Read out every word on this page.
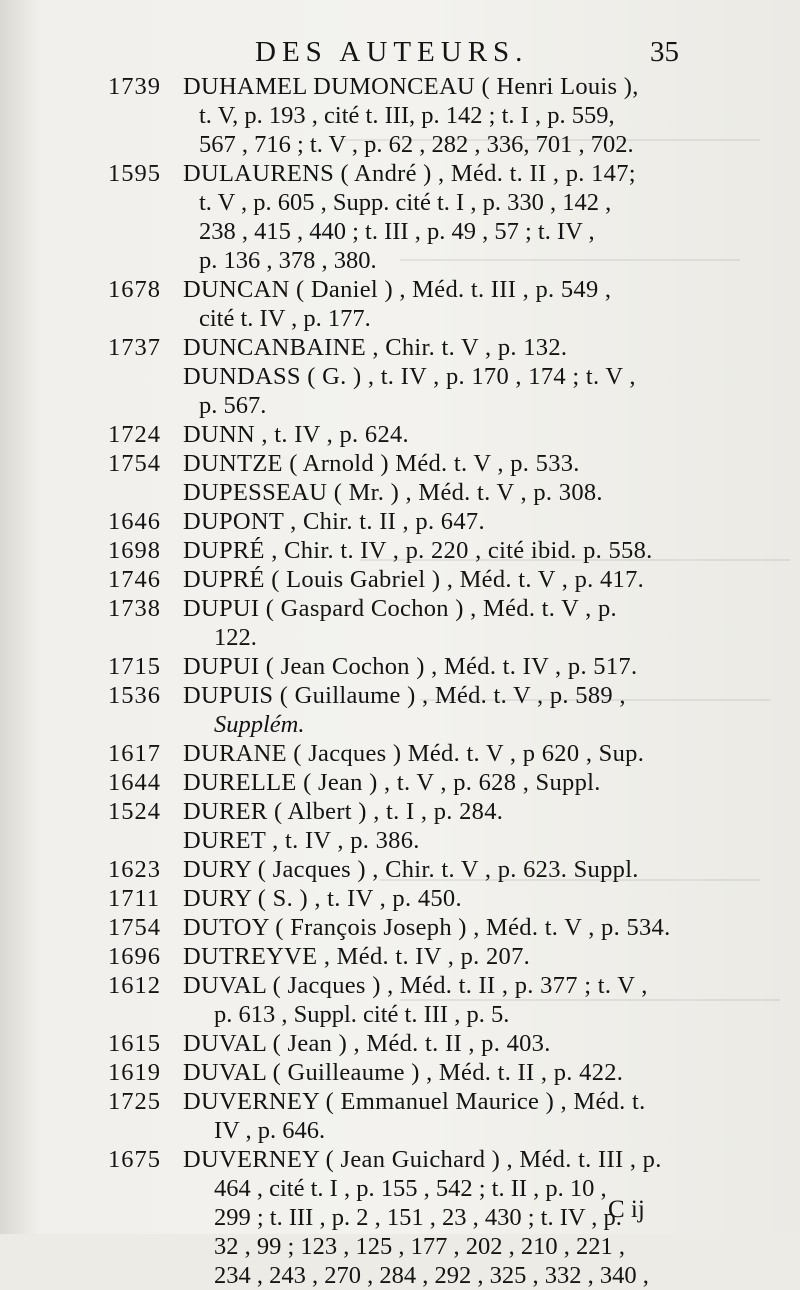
DES AUTEURS.	35
1739 DUHAMEL DUMONCEAU ( Henri Louis ),
t. V, p. 193 , cité t. III, p. 142 ; t. I , p. 559,
567 , 716 ; t. V , p. 62 , 282 , 336, 701 , 702.
1595 DULAURENS ( André ) , Méd. t. II , p. 147;
t. V , p. 605 , Supp. cité t. I , p. 330 , 142 ,
238 , 415 , 440 ; t. III , p. 49 , 57 ; t. IV ,
p. 136 , 378 , 380.
1678 DUNCAN ( Daniel ) , Méd. t. III , p. 549 ,
cité t. IV , p. 177.
1737 DUNCANBAINE , Chir. t. V , p. 132.
DUNDASS ( G. ) , t. IV , p. 170 , 174 ; t. V ,
p. 567.
1724 DUNN , t. IV , p. 624.
1754 DUNTZE ( Arnold ) Méd. t. V , p. 533.
DUPESSEAU ( Mr. ) , Méd. t. V , p. 308.
1646 DUPONT , Chir. t. II , p. 647.
1698 DUPRÉ , Chir. t. IV , p. 220 , cité ibid. p. 558.
1746 DUPRÉ ( Louis Gabriel ) , Méd. t. V , p. 417.
1738 DUPUI ( Gaspard Cochon ) , Méd. t. V , p.
122.
1715 DUPUI ( Jean Cochon ) , Méd. t. IV , p. 517.
1536 DUPUIS ( Guillaume ) , Méd. t. V , p. 589 ,
Supplém.
1617 DURANE ( Jacques ) Méd. t. V , p 620 , Sup.
1644 DURELLE ( Jean ) , t. V , p. 628 , Suppl.
1524 DURER ( Albert ) , t. I , p. 284.
DURET , t. IV , p. 386.
1623 DURY ( Jacques ) , Chir. t. V , p. 623. Suppl.
1711 DURY ( S. ) , t. IV , p. 450.
1754 DUTOY ( François Joseph ) , Méd. t. V , p. 534.
1696 DUTREYVE , Méd. t. IV , p. 207.
1612 DUVAL ( Jacques ) , Méd. t. II , p. 377 ; t. V ,
p. 613 , Suppl. cité t. III , p. 5.
1615 DUVAL ( Jean ) , Méd. t. II , p. 403.
1619 DUVAL ( Guilleaume ) , Méd. t. II , p. 422.
1725 DUVERNEY ( Emmanuel Maurice ) , Méd. t.
IV , p. 646.
1675 DUVERNEY ( Jean Guichard ) , Méd. t. III , p.
464 , cité t. I , p. 155 , 542 ; t. II , p. 10 ,
299 ; t. III , p. 2 , 151 , 23 , 430 ; t. IV , p.
32 , 99 ; 123 , 125 , 177 , 202 , 210 , 221 ,
234 , 243 , 270 , 284 , 292 , 325 , 332 , 340 ,
C ij
